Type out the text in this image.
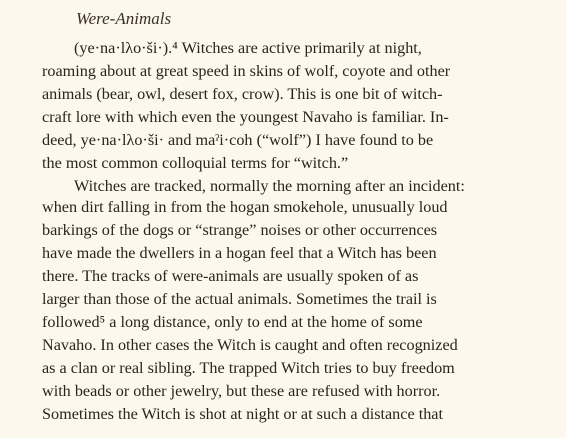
Were-Animals
(ye·na·lλo·ši·).⁴ Witches are active primarily at night,
roaming about at great speed in skins of wolf, coyote and other
animals (bear, owl, desert fox, crow). This is one bit of witch-
craft lore with which even the youngest Navaho is familiar. In-
deed, ye·na·lλo·ši· and maˀi·coh (“wolf”) I have found to be
the most common colloquial terms for “witch.”
Witches are tracked, normally the morning after an incident:
when dirt falling in from the hogan smokehole, unusually loud
barkings of the dogs or “strange” noises or other occurrences
have made the dwellers in a hogan feel that a Witch has been
there. The tracks of were-animals are usually spoken of as
larger than those of the actual animals. Sometimes the trail is
followed⁵ a long distance, only to end at the home of some
Navaho. In other cases the Witch is caught and often recognized
as a clan or real sibling. The trapped Witch tries to buy freedom
with beads or other jewelry, but these are refused with horror.
Sometimes the Witch is shot at night or at such a distance that
